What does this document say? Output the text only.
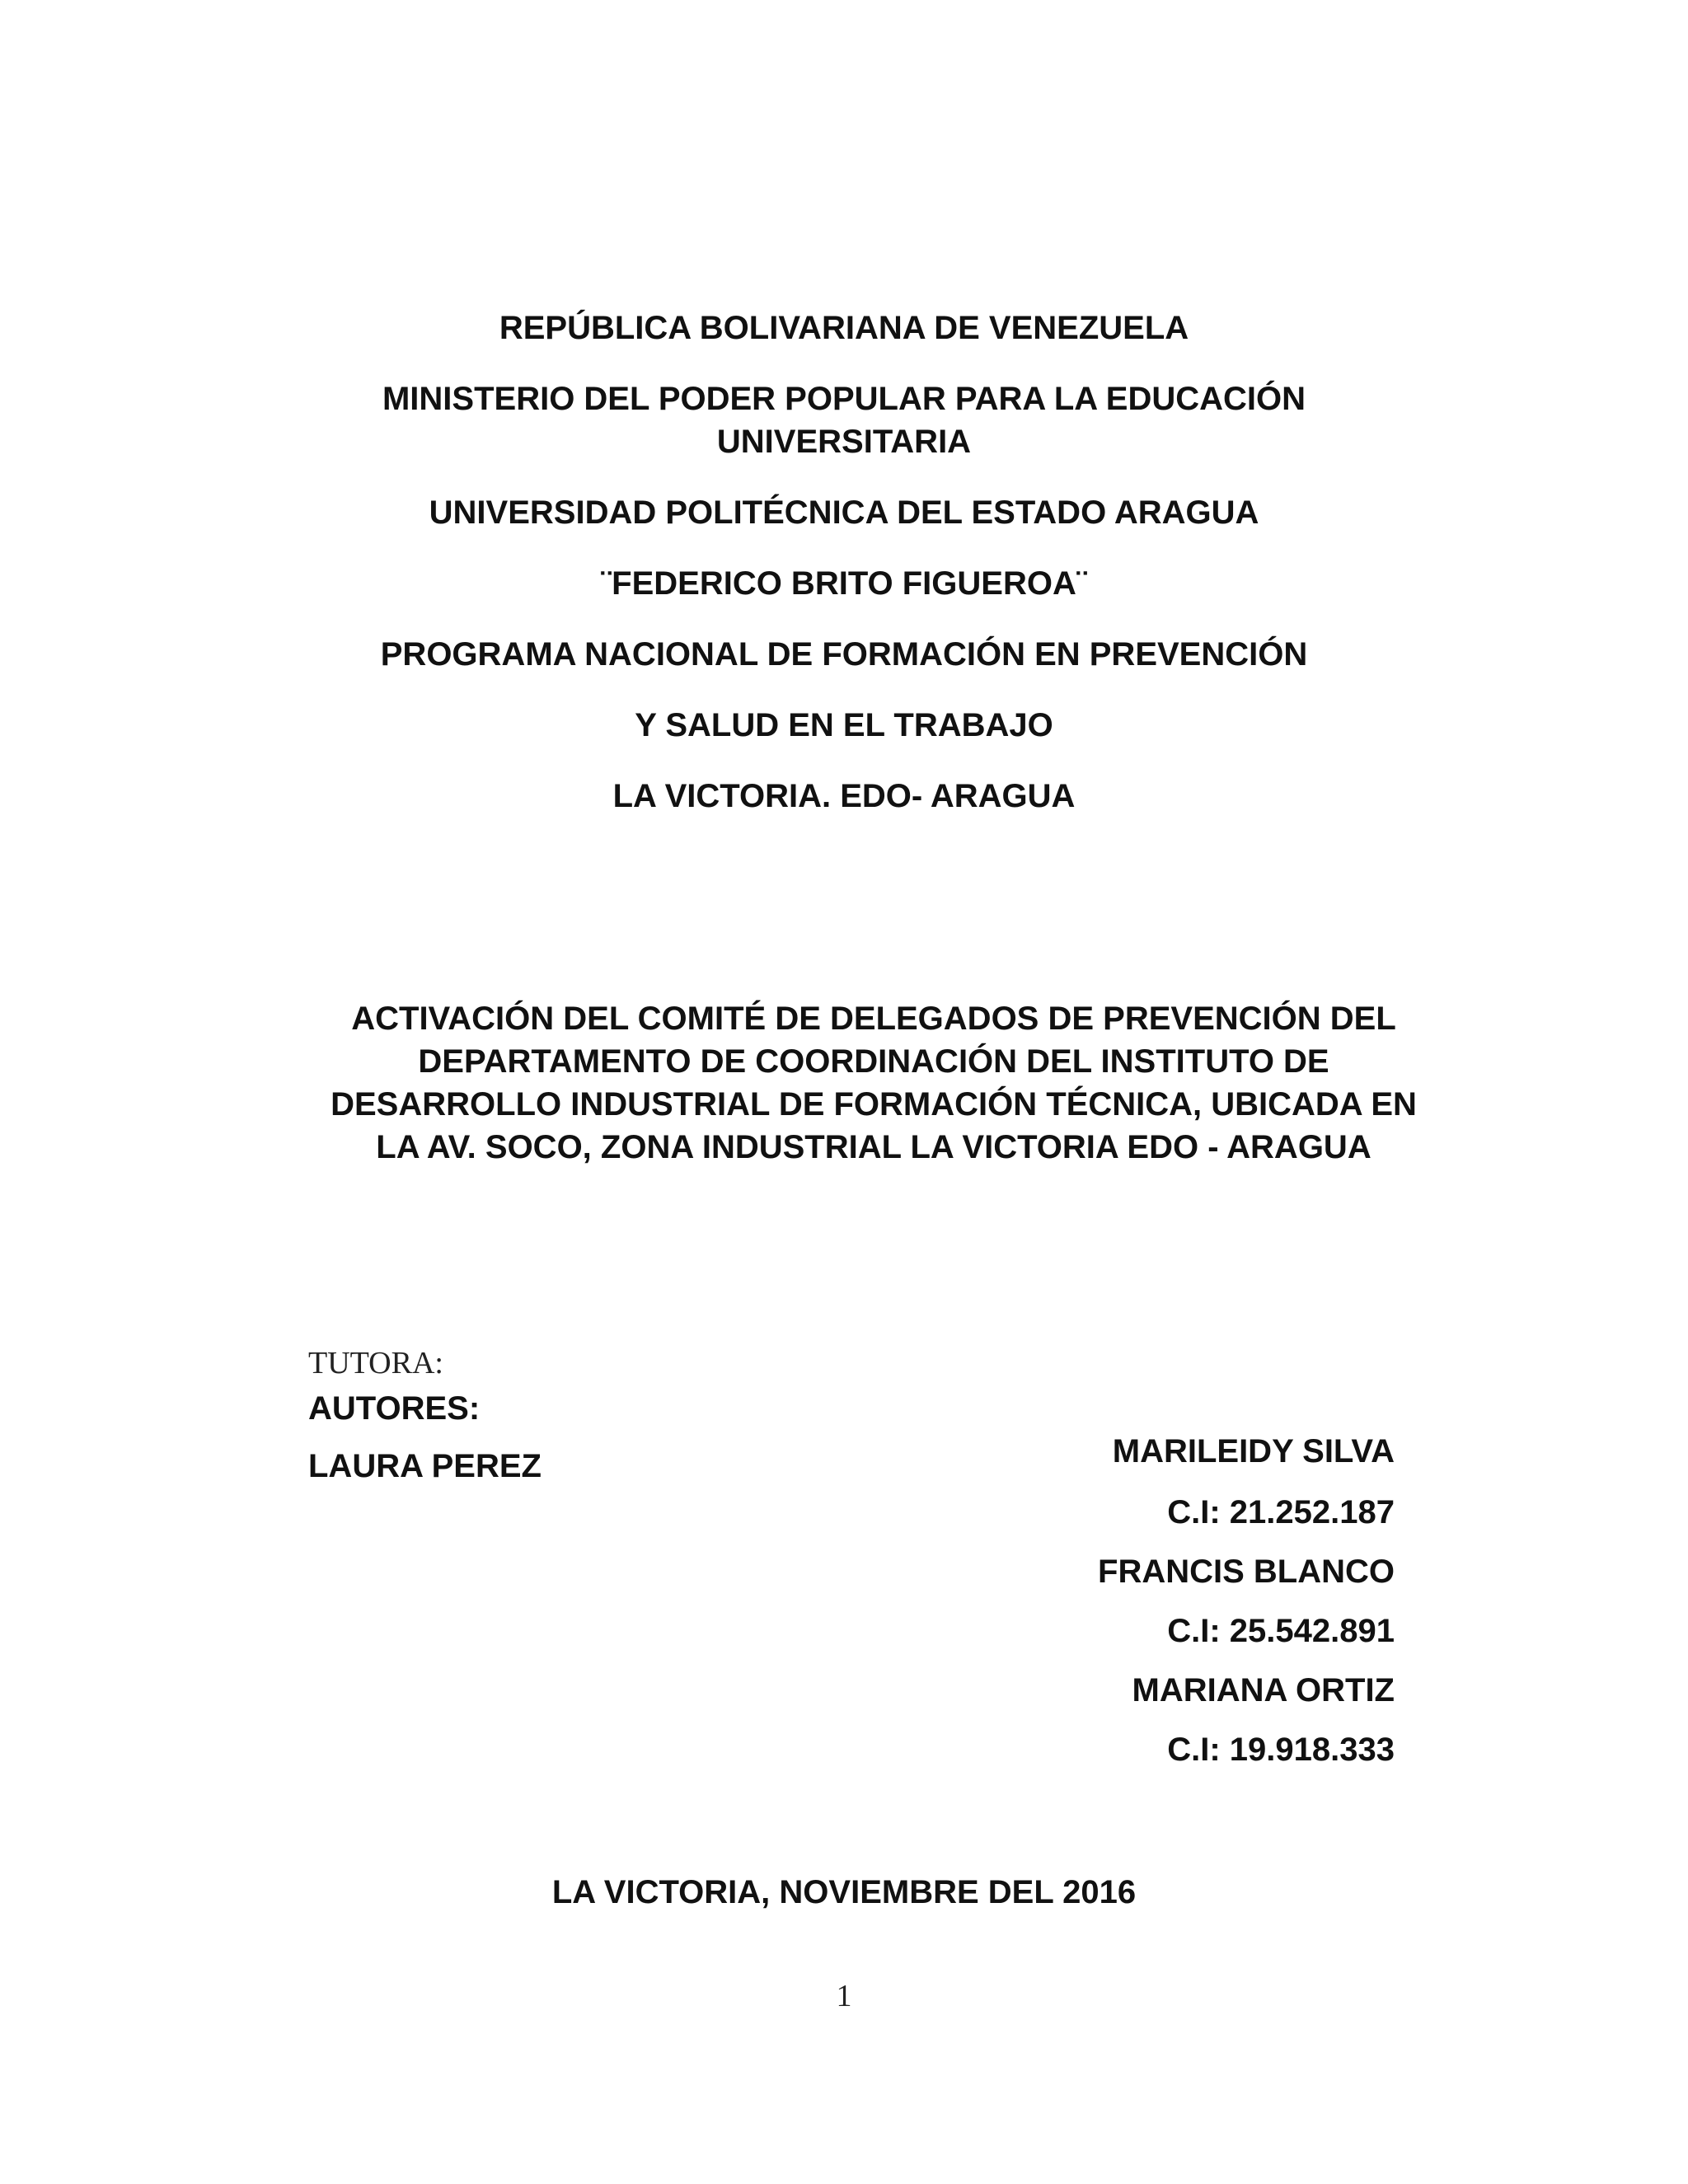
REPÚBLICA BOLIVARIANA DE VENEZUELA
MINISTERIO DEL PODER POPULAR PARA LA EDUCACIÓN
UNIVERSITARIA
UNIVERSIDAD POLITÉCNICA DEL ESTADO ARAGUA
¨FEDERICO BRITO FIGUEROA¨
PROGRAMA NACIONAL DE FORMACIÓN EN PREVENCIÓN
Y SALUD EN EL TRABAJO
LA VICTORIA. EDO- ARAGUA
ACTIVACIÓN DEL COMITÉ DE DELEGADOS DE PREVENCIÓN DEL
DEPARTAMENTO DE COORDINACIÓN DEL INSTITUTO DE
DESARROLLO INDUSTRIAL DE FORMACIÓN TÉCNICA, UBICADA EN
LA AV. SOCO, ZONA INDUSTRIAL LA VICTORIA EDO - ARAGUA
TUTORA:
AUTORES:
LAURA PEREZ	MARILEIDY SILVA
C.I: 21.252.187
FRANCIS BLANCO
C.I: 25.542.891
MARIANA ORTIZ
C.I: 19.918.333
LA VICTORIA, NOVIEMBRE DEL 2016
1
